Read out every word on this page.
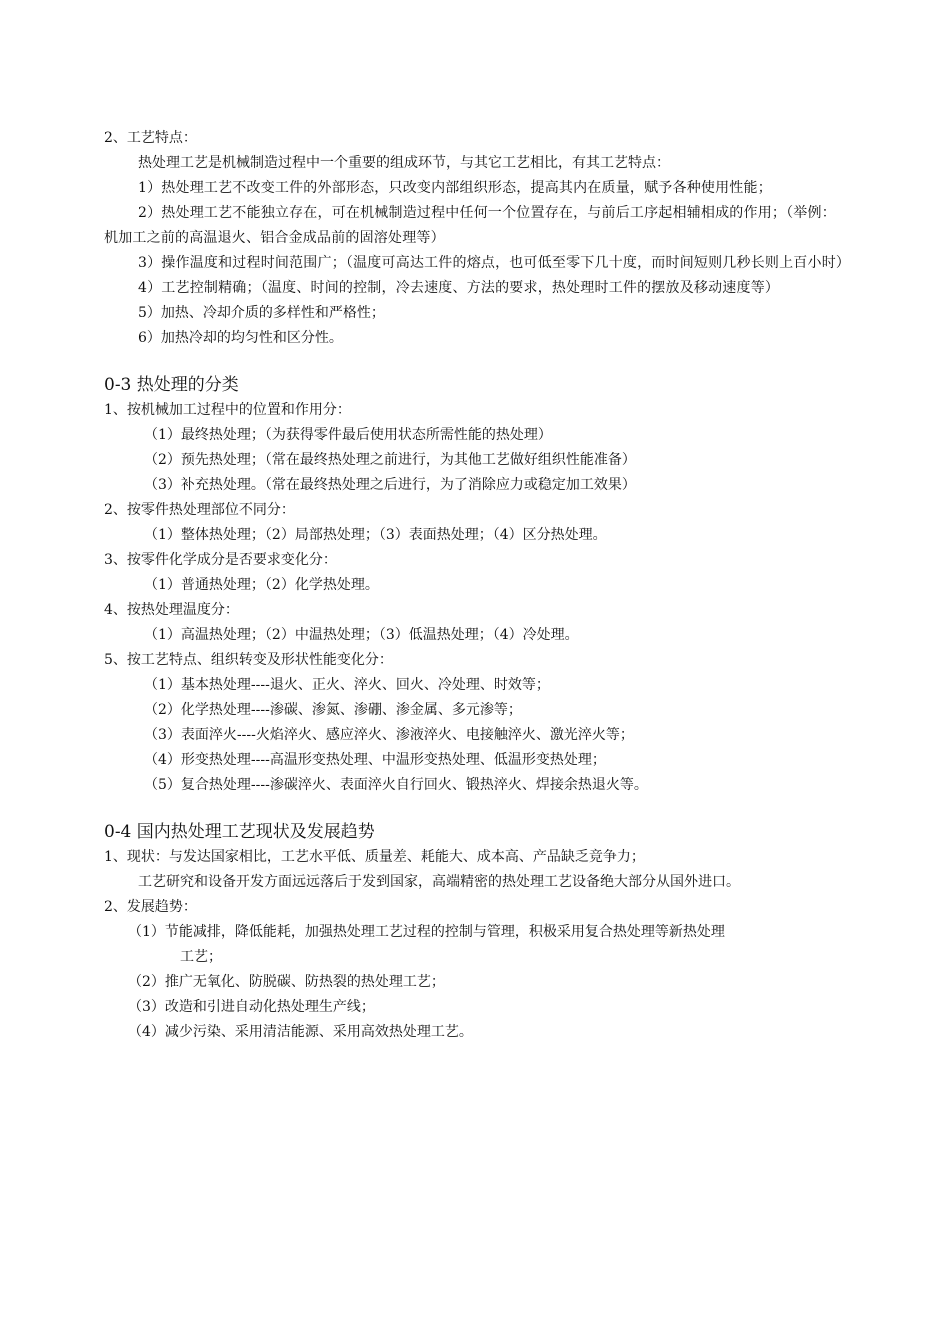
2、工艺特点：
热处理工艺是机械制造过程中一个重要的组成环节，与其它工艺相比，有其工艺特点：
1）热处理工艺不改变工件的外部形态，只改变内部组织形态，提高其内在质量，赋予各种使用性能；
2）热处理工艺不能独立存在，可在机械制造过程中任何一个位置存在，与前后工序起相辅相成的作用；（举例：机加工之前的高温退火、铝合金成品前的固溶处理等）
3）操作温度和过程时间范围广；（温度可高达工件的熔点，也可低至零下几十度，而时间短则几秒长则上百小时）
4）工艺控制精确；（温度、时间的控制，冷去速度、方法的要求，热处理时工件的摆放及移动速度等）
5）加热、冷却介质的多样性和严格性；
6）加热冷却的均匀性和区分性。
0-3 热处理的分类
1、按机械加工过程中的位置和作用分：
（1）最终热处理；（为获得零件最后使用状态所需性能的热处理）
（2）预先热处理；（常在最终热处理之前进行，为其他工艺做好组织性能准备）
（3）补充热处理。（常在最终热处理之后进行，为了消除应力或稳定加工效果）
2、按零件热处理部位不同分：
（1）整体热处理；（2）局部热处理；（3）表面热处理；（4）区分热处理。
3、按零件化学成分是否要求变化分：
（1）普通热处理；（2）化学热处理。
4、按热处理温度分：
（1）高温热处理；（2）中温热处理；（3）低温热处理；（4）冷处理。
5、按工艺特点、组织转变及形状性能变化分：
（1）基本热处理----退火、正火、淬火、回火、冷处理、时效等；
（2）化学热处理----渗碳、渗氮、渗硼、渗金属、多元渗等；
（3）表面淬火----火焰淬火、感应淬火、渗液淬火、电接触淬火、激光淬火等；
（4）形变热处理----高温形变热处理、中温形变热处理、低温形变热处理；
（5）复合热处理----渗碳淬火、表面淬火自行回火、锻热淬火、焊接余热退火等。
0-4 国内热处理工艺现状及发展趋势
1、现状：与发达国家相比，工艺水平低、质量差、耗能大、成本高、产品缺乏竞争力；
工艺研究和设备开发方面远远落后于发到国家，高端精密的热处理工艺设备绝大部分从国外进口。
2、发展趋势：
（1）节能减排，降低能耗，加强热处理工艺过程的控制与管理，积极采用复合热处理等新热处理
工艺；
（2）推广无氧化、防脱碳、防热裂的热处理工艺；
（3）改造和引进自动化热处理生产线；
（4）减少污染、采用清洁能源、采用高效热处理工艺。
